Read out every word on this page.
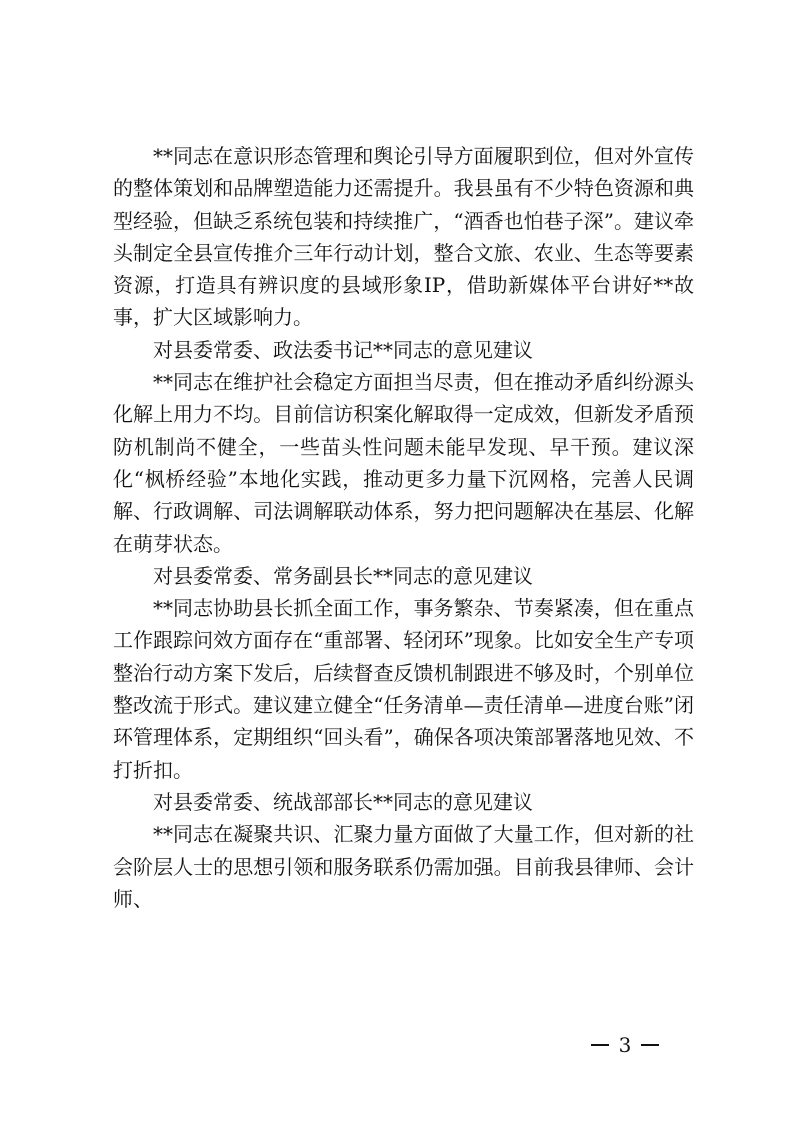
**同志在意识形态管理和舆论引导方面履职到位，但对外宣传的整体策划和品牌塑造能力还需提升。我县虽有不少特色资源和典型经验，但缺乏系统包装和持续推广，“酒香也怕巷子深”。建议牵头制定全县宣传推介三年行动计划，整合文旅、农业、生态等要素资源，打造具有辨识度的县域形象IP，借助新媒体平台讲好**故事，扩大区域影响力。

对县委常委、政法委书记**同志的意见建议

**同志在维护社会稳定方面担当尽责，但在推动矛盾纠纷源头化解上用力不均。目前信访积案化解取得一定成效，但新发矛盾预防机制尚不健全，一些苗头性问题未能早发现、早干预。建议深化“枫桥经验”本地化实践，推动更多力量下沉网格，完善人民调解、行政调解、司法调解联动体系，努力把问题解决在基层、化解在萌芽状态。

对县委常委、常务副县长**同志的意见建议

**同志协助县长抓全面工作，事务繁杂、节奏紧凑，但在重点工作跟踪问效方面存在“重部署、轻闭环”现象。比如安全生产专项整治行动方案下发后，后续督查反馈机制跟进不够及时，个别单位整改流于形式。建议建立健全“任务清单—责任清单—进度台账”闭环管理体系，定期组织“回头看”，确保各项决策部署落地见效、不打折扣。

对县委常委、统战部部长**同志的意见建议

**同志在凝聚共识、汇聚力量方面做了大量工作，但对新的社会阶层人士的思想引领和服务联系仍需加强。目前我县律师、会计师、

3
